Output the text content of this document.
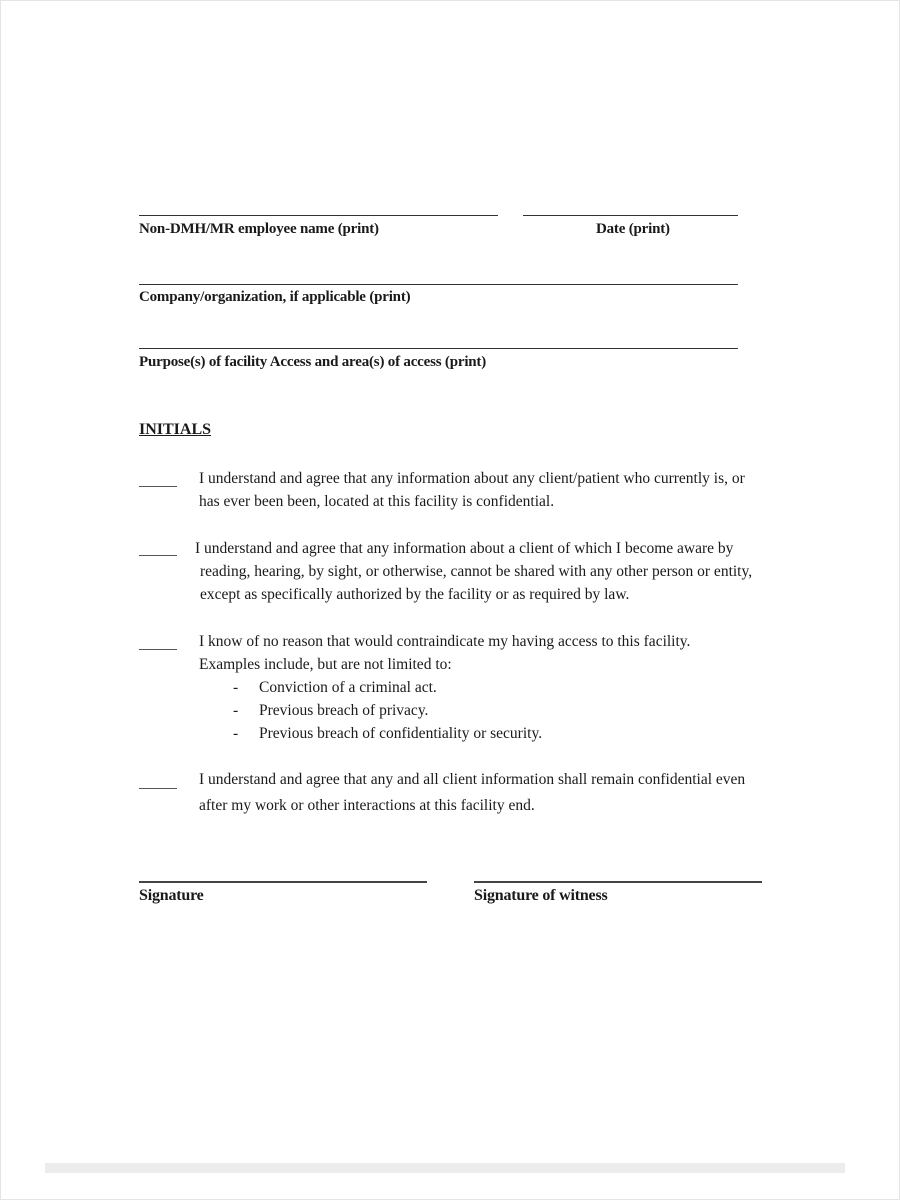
Non-DMH/MR employee name (print)	Date (print)
Company/organization, if applicable (print)
Purpose(s) of facility Access and area(s) of access (print)
INITIALS
I understand and agree that any information about any client/patient who currently is, or
has ever been been, located at this facility is confidential.
I understand and agree that any information about a client of which I become aware by
reading, hearing, by sight, or otherwise, cannot be shared with any other person or entity,
except as specifically authorized by the facility or as required by law.
I know of no reason that would contraindicate my having access to this facility.
Examples include, but are not limited to:
- Conviction of a criminal act.
- Previous breach of privacy.
- Previous breach of confidentiality or security.
I understand and agree that any and all client information shall remain confidential even
after my work or other interactions at this facility end.
Signature	Signature of witness
